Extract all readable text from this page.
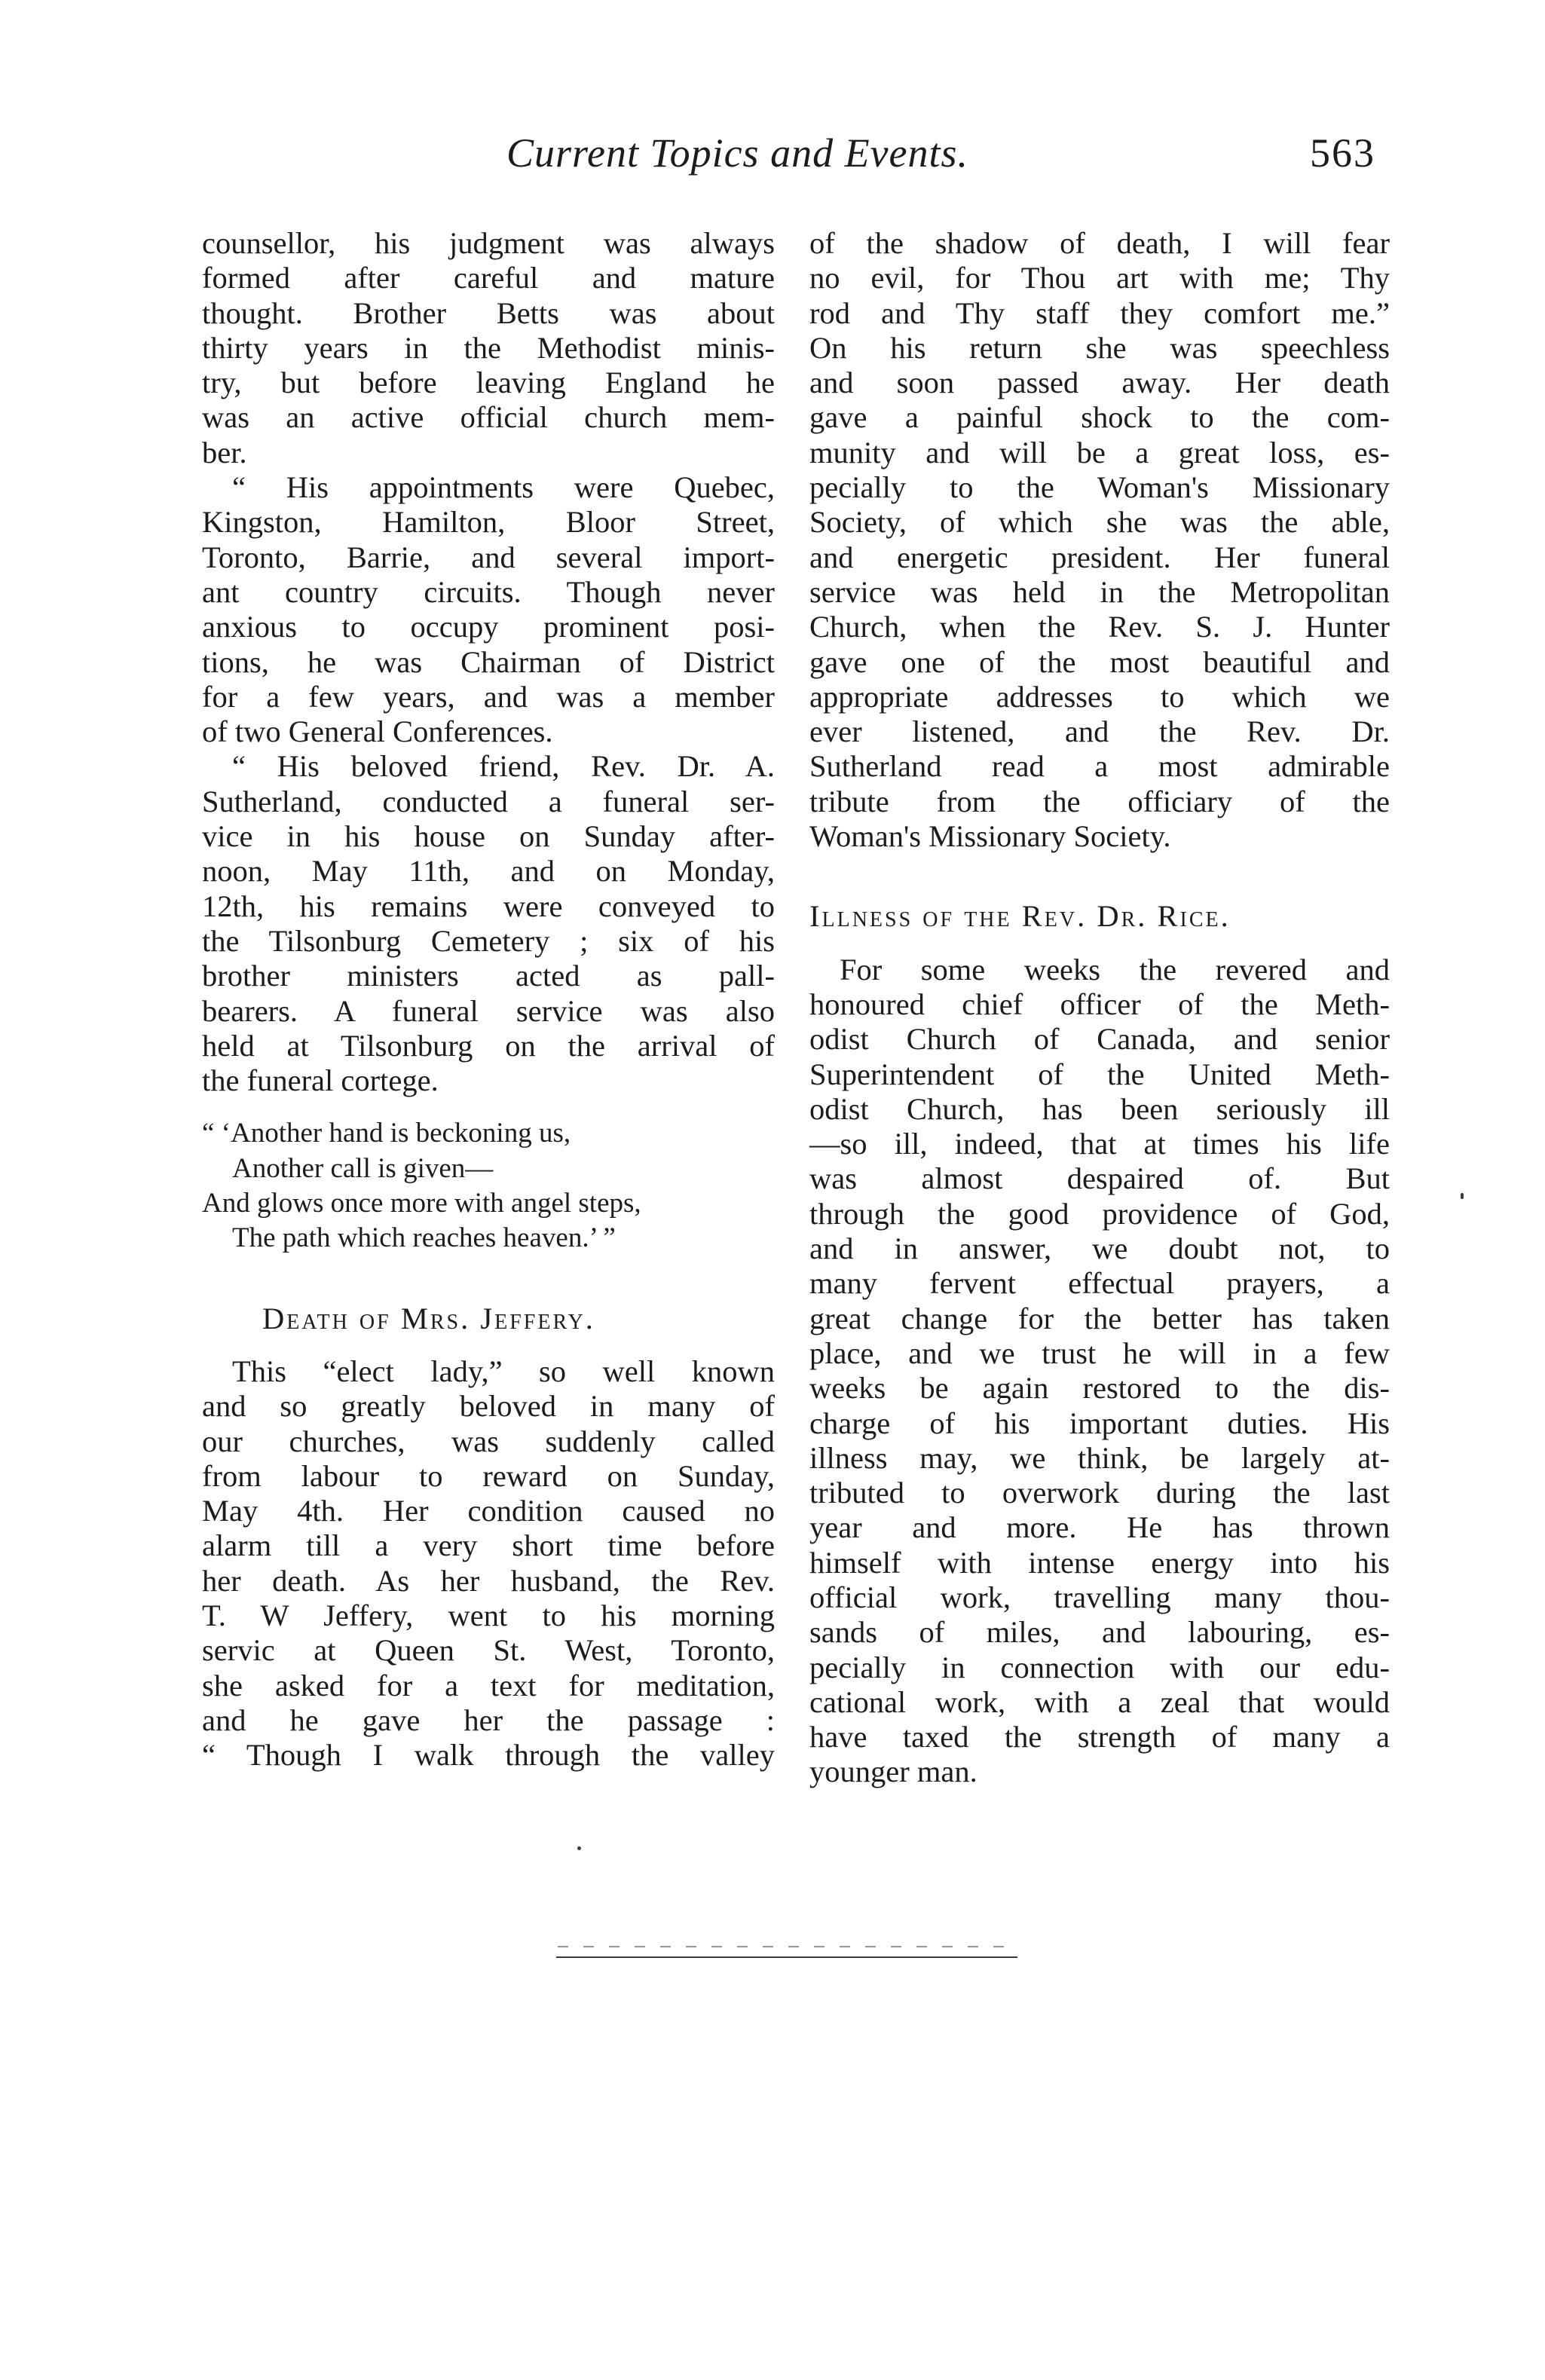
Current Topics and Events.	563
counsellor, his judgment was always
formed after careful and mature
thought. Brother Betts was about
thirty years in the Methodist minis-
try, but before leaving England he
was an active official church mem-
ber.
“ His appointments were Quebec,
Kingston, Hamilton, Bloor Street,
Toronto, Barrie, and several import-
ant country circuits. Though never
anxious to occupy prominent posi-
tions, he was Chairman of District
for a few years, and was a member
of two General Conferences.
“ His beloved friend, Rev. Dr. A.
Sutherland, conducted a funeral ser-
vice in his house on Sunday after-
noon, May 11th, and on Monday,
12th, his remains were conveyed to
the Tilsonburg Cemetery ; six of his
brother ministers acted as pall-
bearers. A funeral service was also
held at Tilsonburg on the arrival of
the funeral cortege.
“ ‘Another hand is beckoning us,
Another call is given—
And glows once more with angel steps,
The path which reaches heaven.’ ”
Death of Mrs. Jeffery.
This “elect lady,” so well known
and so greatly beloved in many of
our churches, was suddenly called
from labour to reward on Sunday,
May 4th. Her condition caused no
alarm till a very short time before
her death. As her husband, the Rev.
T. W Jeffery, went to his morning
servic at Queen St. West, Toronto,
she asked for a text for meditation,
and he gave her the passage :
“ Though I walk through the valley
of the shadow of death, I will fear
no evil, for Thou art with me; Thy
rod and Thy staff they comfort me.”
On his return she was speechless
and soon passed away. Her death
gave a painful shock to the com-
munity and will be a great loss, es-
pecially to the Woman's Missionary
Society, of which she was the able,
and energetic president. Her funeral
service was held in the Metropolitan
Church, when the Rev. S. J. Hunter
gave one of the most beautiful and
appropriate addresses to which we
ever listened, and the Rev. Dr.
Sutherland read a most admirable
tribute from the officiary of the
Woman's Missionary Society.
Illness of the Rev. Dr. Rice.
For some weeks the revered and
honoured chief officer of the Meth-
odist Church of Canada, and senior
Superintendent of the United Meth-
odist Church, has been seriously ill
—so ill, indeed, that at times his life
was almost despaired of. But
through the good providence of God,
and in answer, we doubt not, to
many fervent effectual prayers, a
great change for the better has taken
place, and we trust he will in a few
weeks be again restored to the dis-
charge of his important duties. His
illness may, we think, be largely at-
tributed to overwork during the last
year and more. He has thrown
himself with intense energy into his
official work, travelling many thou-
sands of miles, and labouring, es-
pecially in connection with our edu-
cational work, with a zeal that would
have taxed the strength of many a
younger man.
